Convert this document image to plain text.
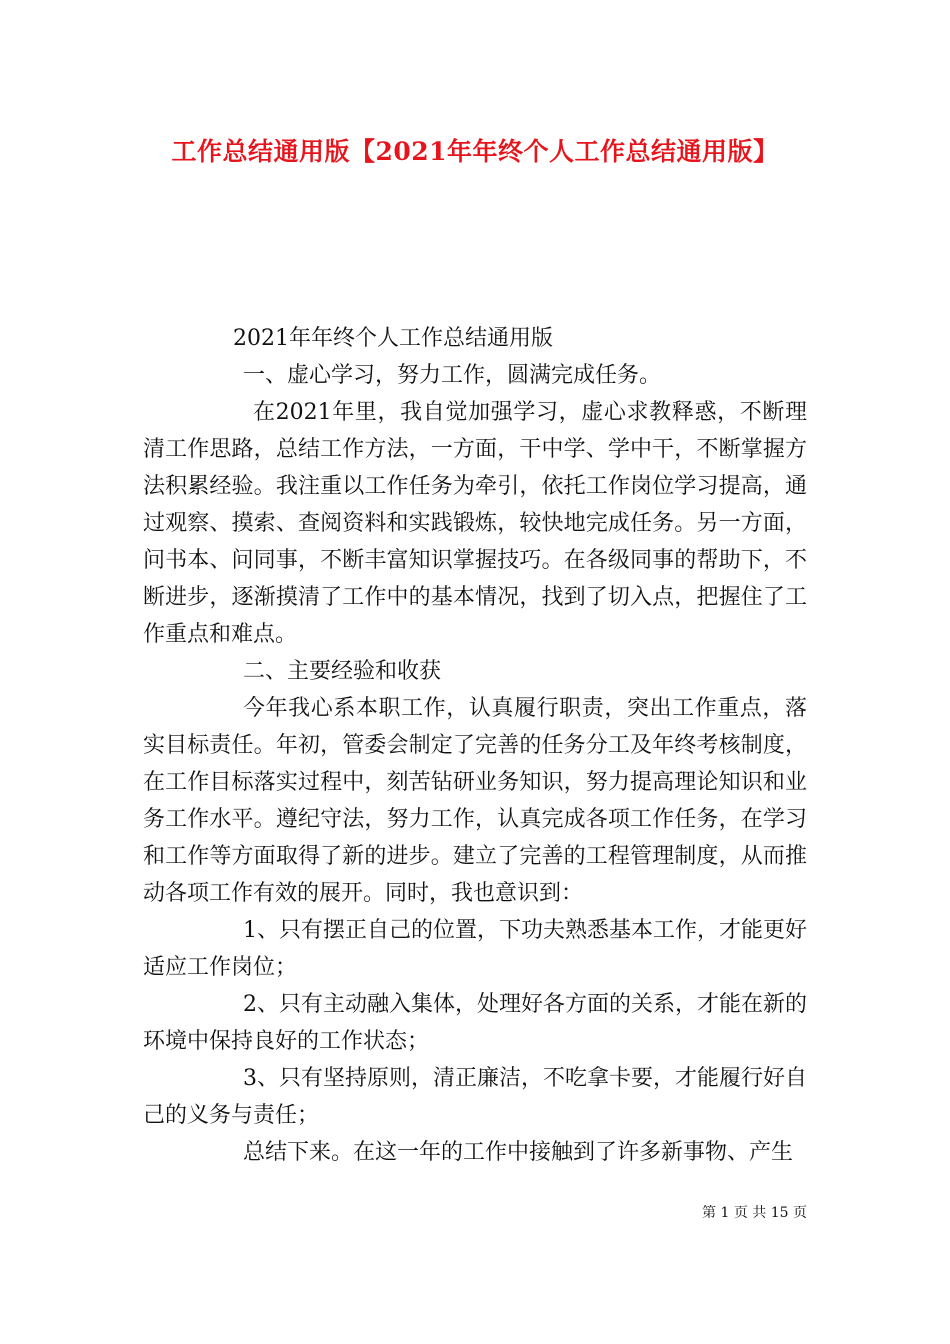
工作总结通用版【2021年年终个人工作总结通用版】

2021年年终个人工作总结通用版

一、虚心学习，努力工作，圆满完成任务。

在2021年里，我自觉加强学习，虚心求教释惑，不断理清工作思路，总结工作方法，一方面，干中学、学中干，不断掌握方法积累经验。我注重以工作任务为牵引，依托工作岗位学习提高，通过观察、摸索、查阅资料和实践锻炼，较快地完成任务。另一方面，问书本、问同事，不断丰富知识掌握技巧。在各级同事的帮助下，不断进步，逐渐摸清了工作中的基本情况，找到了切入点，把握住了工作重点和难点。

二、主要经验和收获

今年我心系本职工作，认真履行职责，突出工作重点，落实目标责任。年初，管委会制定了完善的任务分工及年终考核制度，在工作目标落实过程中，刻苦钻研业务知识，努力提高理论知识和业务工作水平。遵纪守法，努力工作，认真完成各项工作任务，在学习和工作等方面取得了新的进步。建立了完善的工程管理制度，从而推动各项工作有效的展开。同时，我也意识到：

1、只有摆正自己的位置，下功夫熟悉基本工作，才能更好适应工作岗位；

2、只有主动融入集体，处理好各方面的关系，才能在新的环境中保持良好的工作状态；

3、只有坚持原则，清正廉洁，不吃拿卡要，才能履行好自己的义务与责任；

总结下来。在这一年的工作中接触到了许多新事物、产生

第 1 页 共 15 页
